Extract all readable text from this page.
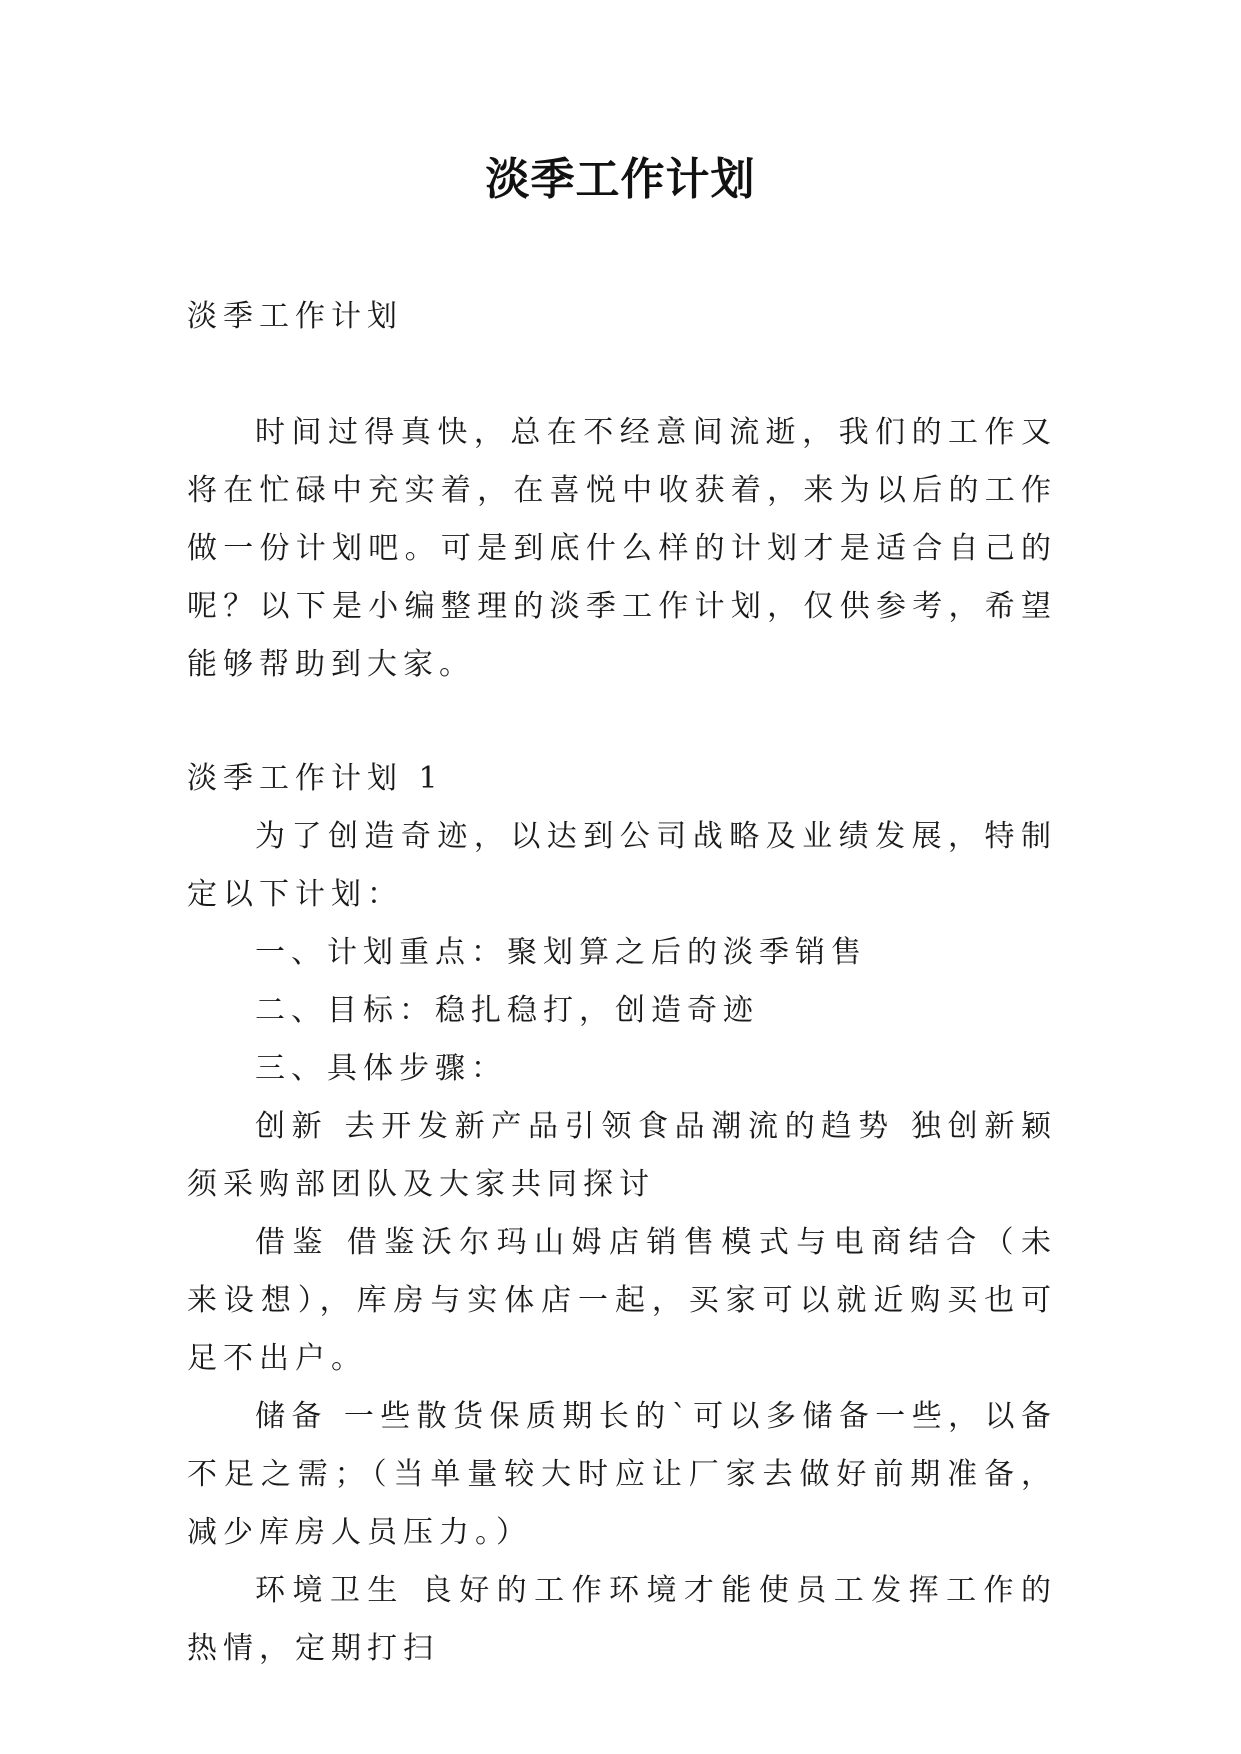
淡季工作计划

淡季工作计划

时间过得真快，总在不经意间流逝，我们的工作又将在忙碌中充实着，在喜悦中收获着，来为以后的工作做一份计划吧。可是到底什么样的计划才是适合自己的呢？以下是小编整理的淡季工作计划，仅供参考，希望能够帮助到大家。

淡季工作计划 1

为了创造奇迹，以达到公司战略及业绩发展，特制定以下计划：

一、计划重点：聚划算之后的淡季销售

二、目标：稳扎稳打，创造奇迹

三、具体步骤：

创新 去开发新产品引领食品潮流的趋势 独创新颖 须采购部团队及大家共同探讨

借鉴 借鉴沃尔玛山姆店销售模式与电商结合（未来设想），库房与实体店一起，买家可以就近购买也可足不出户。

储备 一些散货保质期长的`可以多储备一些，以备不足之需；（当单量较大时应让厂家去做好前期准备，减少库房人员压力。）

环境卫生 良好的工作环境才能使员工发挥工作的热情，定期打扫
